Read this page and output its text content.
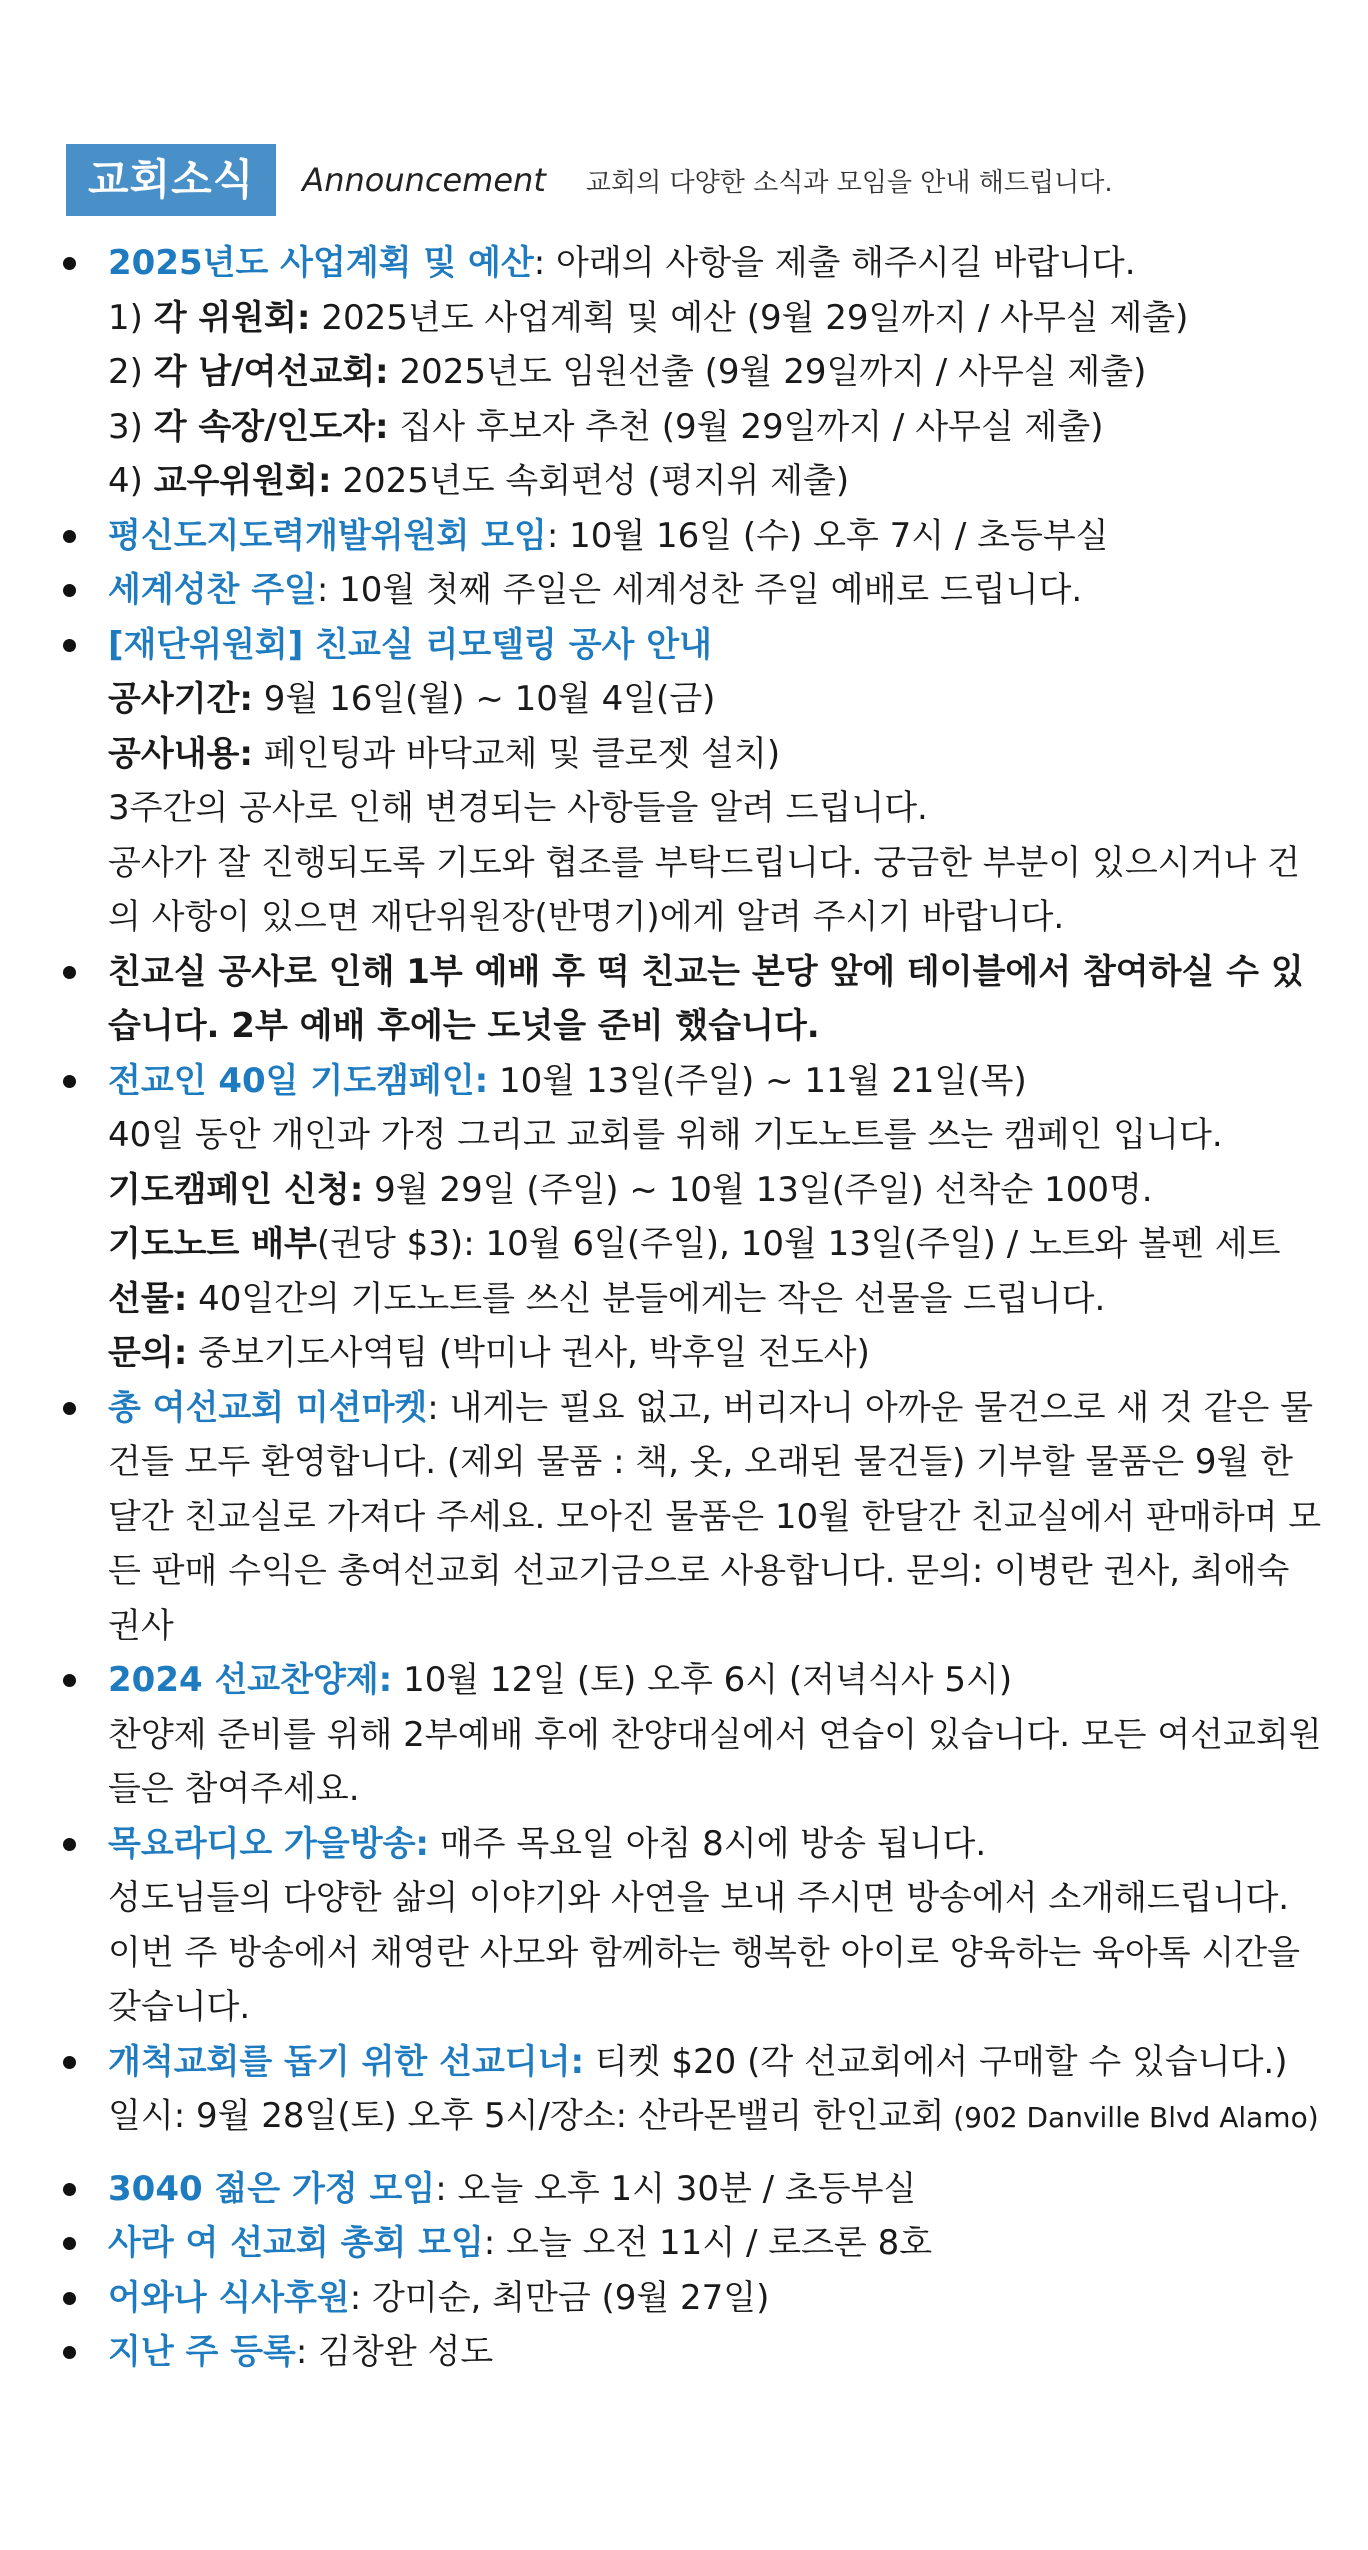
교회소식	Announcement 교회의 다양한 소식과 모임을 안내 해드립니다.
2025년도 사업계획 및 예산: 아래의 사항을 제출 해주시길 바랍니다.
1) 각 위원회: 2025년도 사업계획 및 예산 (9월 29일까지 / 사무실 제출)
2) 각 남/여선교회: 2025년도 임원선출 (9월 29일까지 / 사무실 제출)
3) 각 속장/인도자: 집사 후보자 추천 (9월 29일까지 / 사무실 제출)
4) 교우위원회: 2025년도 속회편성 (평지위 제출)
평신도지도력개발위원회 모임: 10월 16일 (수) 오후 7시 / 초등부실
세계성찬 주일: 10월 첫째 주일은 세계성찬 주일 예배로 드립니다.
[재단위원회] 친교실 리모델링 공사 안내
공사기간: 9월 16일(월) ~ 10월 4일(금)
공사내용: 페인팅과 바닥교체 및 클로젯 설치)
3주간의 공사로 인해 변경되는 사항들을 알려 드립니다.
공사가 잘 진행되도록 기도와 협조를 부탁드립니다. 궁금한 부분이 있으시거나 건의 사항이 있으면 재단위원장(반명기)에게 알려 주시기 바랍니다.
친교실 공사로 인해 1부 예배 후 떡 친교는 본당 앞에 테이블에서 참여하실 수 있습니다. 2부 예배 후에는 도넛을 준비 했습니다.
전교인 40일 기도캠페인: 10월 13일(주일) ~ 11월 21일(목)
40일 동안 개인과 가정 그리고 교회를 위해 기도노트를 쓰는 캠페인 입니다.
기도캠페인 신청: 9월 29일 (주일) ~ 10월 13일(주일) 선착순 100명.
기도노트 배부(권당 $3): 10월 6일(주일), 10월 13일(주일) / 노트와 볼펜 세트
선물: 40일간의 기도노트를 쓰신 분들에게는 작은 선물을 드립니다.
문의: 중보기도사역팀 (박미나 권사, 박후일 전도사)
총 여선교회 미션마켓: 내게는 필요 없고, 버리자니 아까운 물건으로 새 것 같은 물건들 모두 환영합니다. (제외 물품 : 책, 옷, 오래된 물건들) 기부할 물품은 9월 한 달간 친교실로 가져다 주세요. 모아진 물품은 10월 한달간 친교실에서 판매하며 모든 판매 수익은 총여선교회 선교기금으로 사용합니다. 문의: 이병란 권사, 최애숙 권사
2024 선교찬양제: 10월 12일 (토) 오후 6시 (저녁식사 5시)
찬양제 준비를 위해 2부예배 후에 찬양대실에서 연습이 있습니다. 모든 여선교회원들은 참여주세요.
목요라디오 가을방송: 매주 목요일 아침 8시에 방송 됩니다.
성도님들의 다양한 삶의 이야기와 사연을 보내 주시면 방송에서 소개해드립니다.
이번 주 방송에서 채영란 사모와 함께하는 행복한 아이로 양육하는 육아톡 시간을 갖습니다.
개척교회를 돕기 위한 선교디너: 티켓 $20 (각 선교회에서 구매할 수 있습니다.)
일시: 9월 28일(토) 오후 5시/장소: 산라몬밸리 한인교회 (902 Danville Blvd Alamo)
3040 젊은 가정 모임: 오늘 오후 1시 30분 / 초등부실
사라 여 선교회 총회 모임: 오늘 오전 11시 / 로즈론 8호
어와나 식사후원: 강미순, 최만금 (9월 27일)
지난 주 등록: 김창완 성도
